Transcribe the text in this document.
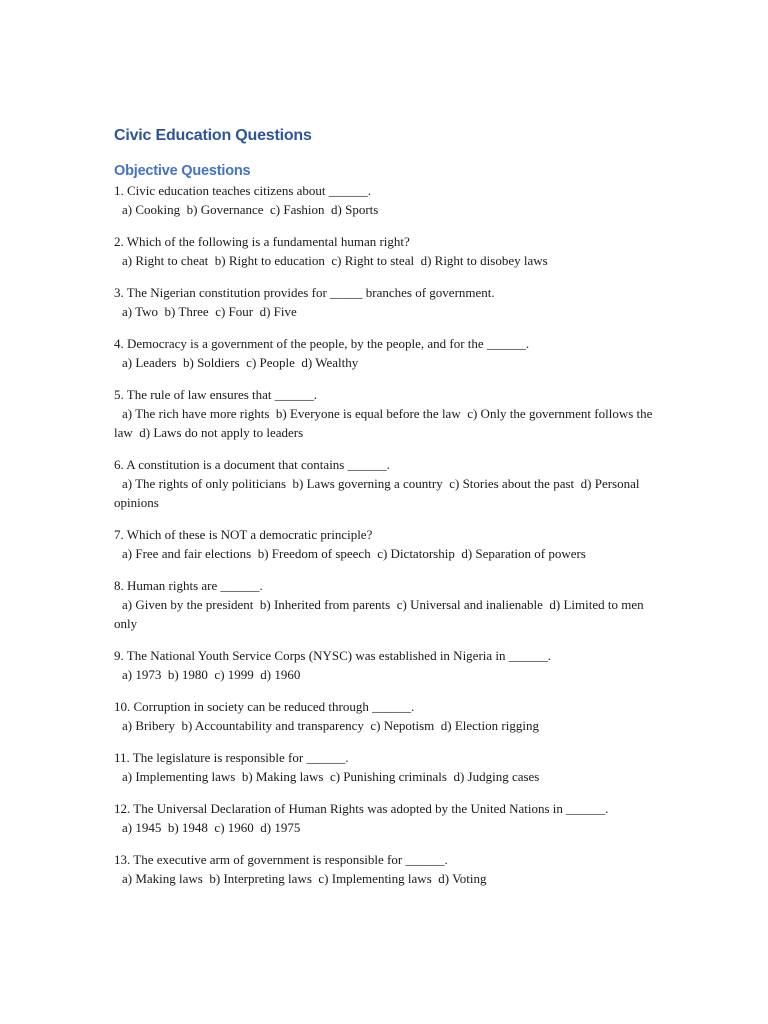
Civic Education Questions
Objective Questions
1. Civic education teaches citizens about ______.
a) Cooking  b) Governance  c) Fashion  d) Sports
2. Which of the following is a fundamental human right?
a) Right to cheat  b) Right to education  c) Right to steal  d) Right to disobey laws
3. The Nigerian constitution provides for _____ branches of government.
a) Two  b) Three  c) Four  d) Five
4. Democracy is a government of the people, by the people, and for the ______.
a) Leaders  b) Soldiers  c) People  d) Wealthy
5. The rule of law ensures that ______.
a) The rich have more rights  b) Everyone is equal before the law  c) Only the government follows the law  d) Laws do not apply to leaders
6. A constitution is a document that contains ______.
a) The rights of only politicians  b) Laws governing a country  c) Stories about the past  d) Personal opinions
7. Which of these is NOT a democratic principle?
a) Free and fair elections  b) Freedom of speech  c) Dictatorship  d) Separation of powers
8. Human rights are ______.
a) Given by the president  b) Inherited from parents  c) Universal and inalienable  d) Limited to men only
9. The National Youth Service Corps (NYSC) was established in Nigeria in ______.
a) 1973  b) 1980  c) 1999  d) 1960
10. Corruption in society can be reduced through ______.
a) Bribery  b) Accountability and transparency  c) Nepotism  d) Election rigging
11. The legislature is responsible for ______.
a) Implementing laws  b) Making laws  c) Punishing criminals  d) Judging cases
12. The Universal Declaration of Human Rights was adopted by the United Nations in ______.
a) 1945  b) 1948  c) 1960  d) 1975
13. The executive arm of government is responsible for ______.
a) Making laws  b) Interpreting laws  c) Implementing laws  d) Voting
